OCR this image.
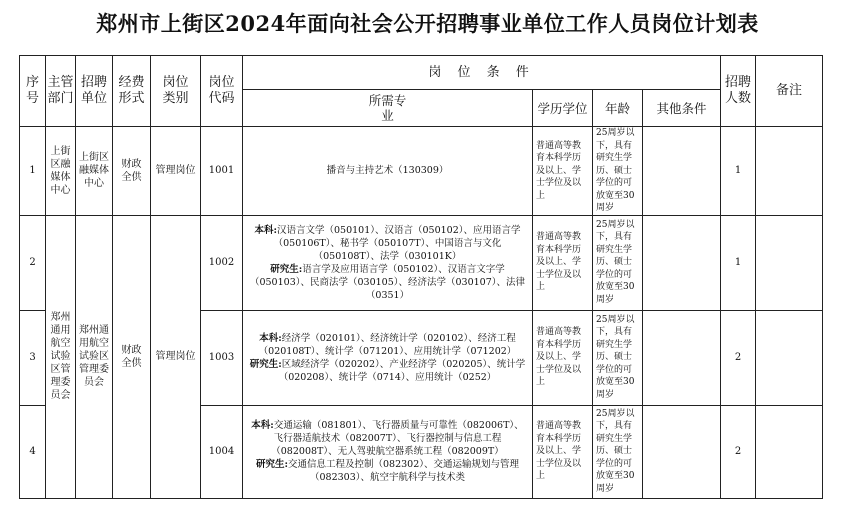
郑州市上街区2024年面向社会公开招聘事业单位工作人员岗位计划表
序号	主管部门	招聘单位	经费形式	岗位类别	岗位代码	岗 位 条 件				招聘人数	备注
						所需专业	学历学位	年龄	其他条件		
1	上街区融媒体中心	上街区融媒体中心	财政全供	管理岗位	1001	播音与主持艺术（130309）	普通高等教育本科学历及以上、学士学位及以上	25周岁以下，具有研究生学历、硕士学位的可放宽至30周岁		1	
2	郑州通用航空试验区管理委员会	郑州通用航空试验区管理委员会	财政全供	管理岗位	1002	本科:汉语言文学（050101）、汉语言（050102）、应用语言学（050106T）、秘书学（050107T）、中国语言与文化（050108T）、法学（030101K）
研究生:语言学及应用语言学（050102）、汉语言文字学（050103）、民商法学（030105）、经济法学（030107）、法律（0351）	普通高等教育本科学历及以上、学士学位及以上	25周岁以下，具有研究生学历、硕士学位的可放宽至30周岁		1	
3					1003	本科:经济学（020101）、经济统计学（020102）、经济工程（020108T）、统计学（071201）、应用统计学（071202）
研究生:区域经济学（020202）、产业经济学（020205）、统计学（020208）、统计学（0714）、应用统计（0252）	普通高等教育本科学历及以上、学士学位及以上	25周岁以下，具有研究生学历、硕士学位的可放宽至30周岁		2	
4					1004	本科:交通运输（081801）、飞行器质量与可靠性（082006T）、飞行器适航技术（082007T）、飞行器控制与信息工程（082008T）、无人驾驶航空器系统工程（082009T）
研究生:交通信息工程及控制（082302）、交通运输规划与管理（082303）、航空宇航科学与技术类	普通高等教育本科学历及以上、学士学位及以上	25周岁以下，具有研究生学历、硕士学位的可放宽至30周岁		2	
